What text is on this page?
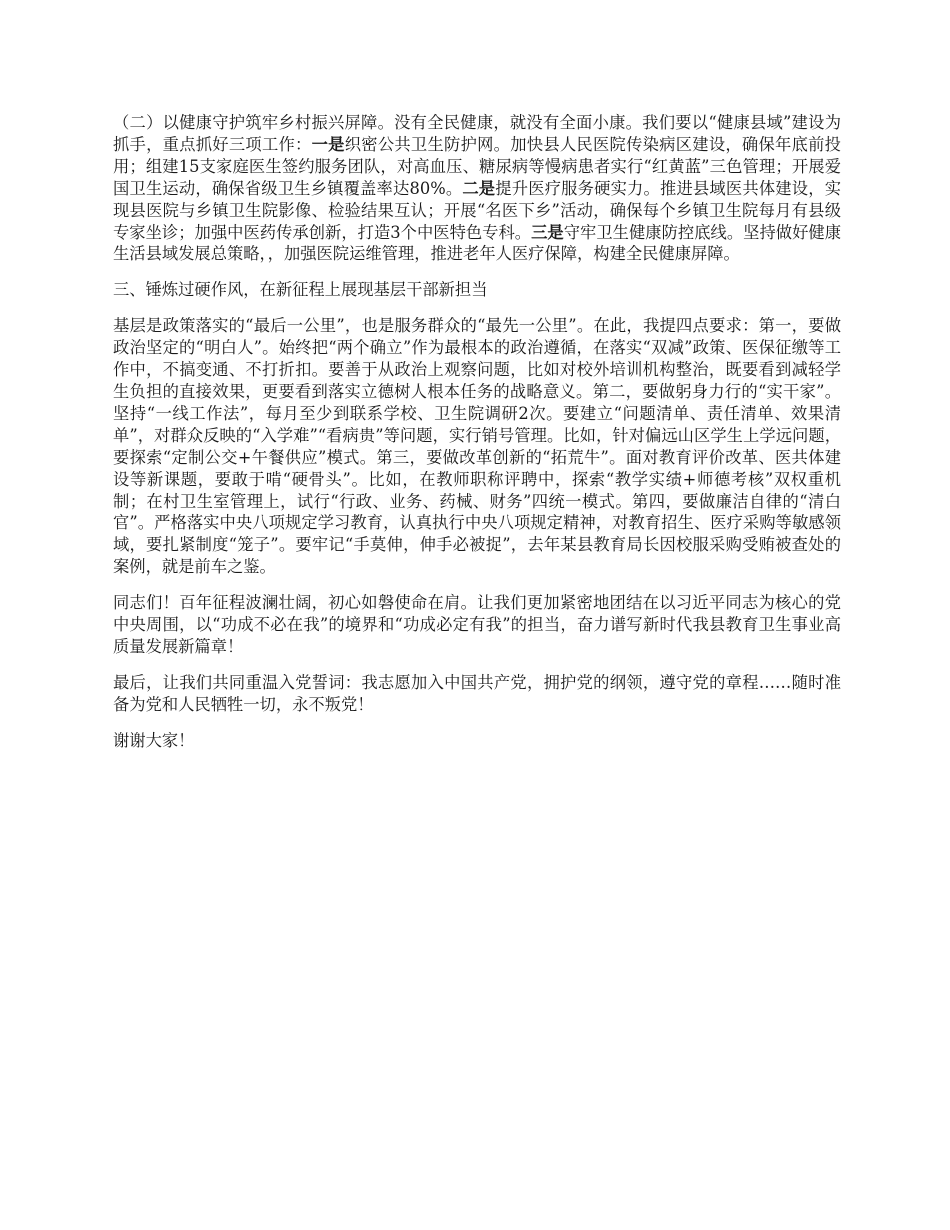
（二）以健康守护筑牢乡村振兴屏障。没有全民健康，就没有全面小康。我们要以“健康县域”建设为抓手，重点抓好三项工作：一是织密公共卫生防护网。加快县人民医院传染病区建设，确保年底前投用；组建15支家庭医生签约服务团队，对高血压、糖尿病等慢病患者实行“红黄蓝”三色管理；开展爱国卫生运动，确保省级卫生乡镇覆盖率达80%。二是提升医疗服务硬实力。推进县域医共体建设，实现县医院与乡镇卫生院影像、检验结果互认；开展“名医下乡”活动，确保每个乡镇卫生院每月有县级专家坐诊；加强中医药传承创新，打造3个中医特色专科。三是守牢卫生健康防控底线。坚持做好健康生活县域发展总策略，，加强医院运维管理，推进老年人医疗保障，构建全民健康屏障。

三、锤炼过硬作风，在新征程上展现基层干部新担当

基层是政策落实的“最后一公里”，也是服务群众的“最先一公里”。在此，我提四点要求：第一，要做政治坚定的“明白人”。始终把“两个确立”作为最根本的政治遵循，在落实“双减”政策、医保征缴等工作中，不搞变通、不打折扣。要善于从政治上观察问题，比如对校外培训机构整治，既要看到减轻学生负担的直接效果，更要看到落实立德树人根本任务的战略意义。第二，要做躬身力行的“实干家”。坚持“一线工作法”，每月至少到联系学校、卫生院调研2次。要建立“问题清单、责任清单、效果清单”，对群众反映的“入学难”“看病贵”等问题，实行销号管理。比如，针对偏远山区学生上学远问题，要探索“定制公交+午餐供应”模式。第三，要做改革创新的“拓荒牛”。面对教育评价改革、医共体建设等新课题，要敢于啃“硬骨头”。比如，在教师职称评聘中，探索“教学实绩+师德考核”双权重机制；在村卫生室管理上，试行“行政、业务、药械、财务”四统一模式。第四，要做廉洁自律的“清白官”。严格落实中央八项规定学习教育，认真执行中央八项规定精神，对教育招生、医疗采购等敏感领域，要扎紧制度“笼子”。要牢记“手莫伸，伸手必被捉”，去年某县教育局长因校服采购受贿被查处的案例，就是前车之鉴。

同志们！百年征程波澜壮阔，初心如磐使命在肩。让我们更加紧密地团结在以习近平同志为核心的党中央周围，以“功成不必在我”的境界和“功成必定有我”的担当，奋力谱写新时代我县教育卫生事业高质量发展新篇章！

最后，让我们共同重温入党誓词：我志愿加入中国共产党，拥护党的纲领，遵守党的章程……随时准备为党和人民牺牲一切，永不叛党！

谢谢大家！
